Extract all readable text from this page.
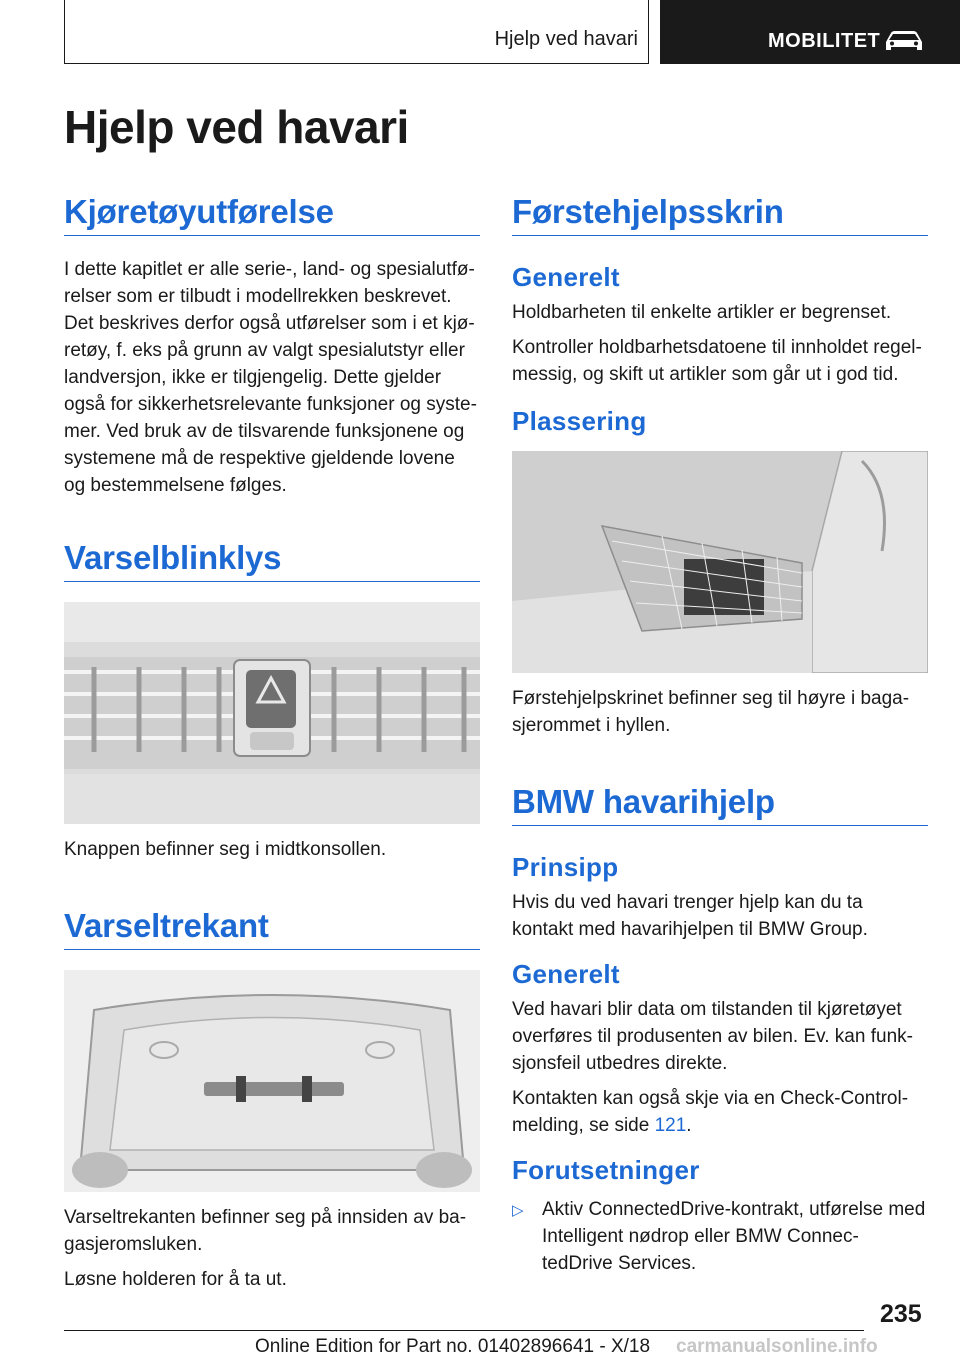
Hjelp ved havari	MOBILITET
Hjelp ved havari
Kjøretøyutførelse

I dette kapitlet er alle serie-, land- og spesialutfø‐relser som er tilbudt i modellrekken beskrevet. Det beskrives derfor også utførelser som i et kjø‐retøy, f. eks på grunn av valgt spesialutstyr eller landversjon, ikke er tilgjengelig. Dette gjelder også for sikkerhetsrelevante funksjoner og syste‐mer. Ved bruk av de tilsvarende funksjonene og systemene må de respektive gjeldende lovene og bestemmelsene følges.

Varselblinklys

Knappen befinner seg i midtkonsollen.

Varseltrekant

Varseltrekanten befinner seg på innsiden av ba‐gasjeromsluken.

Løsne holderen for å ta ut.

Førstehjelpsskrin
Generelt

Holdbarheten til enkelte artikler er begrenset.

Kontroller holdbarhetsdatoene til innholdet regel‐messig, og skift ut artikler som går ut i god tid.

Plassering

Førstehjelpskrinet befinner seg til høyre i baga‐sjerommet i hyllen.

BMW havarihjelp
Prinsipp

Hvis du ved havari trenger hjelp kan du ta kontakt med havarihjelpen til BMW Group.

Generelt

Ved havari blir data om tilstanden til kjøretøyet overføres til produsenten av bilen. Ev. kan funk‐sjonsfeil utbedres direkte.

Kontakten kan også skje via en Check-Control-melding, se side 121.

Forutsetninger
▷ Aktiv ConnectedDrive-kontrakt, utførelse med Intelligent nødrop eller BMW Connec‐tedDrive Services.
235
Online Edition for Part no. 01402896641 - X/18 carmanualsonline.info
